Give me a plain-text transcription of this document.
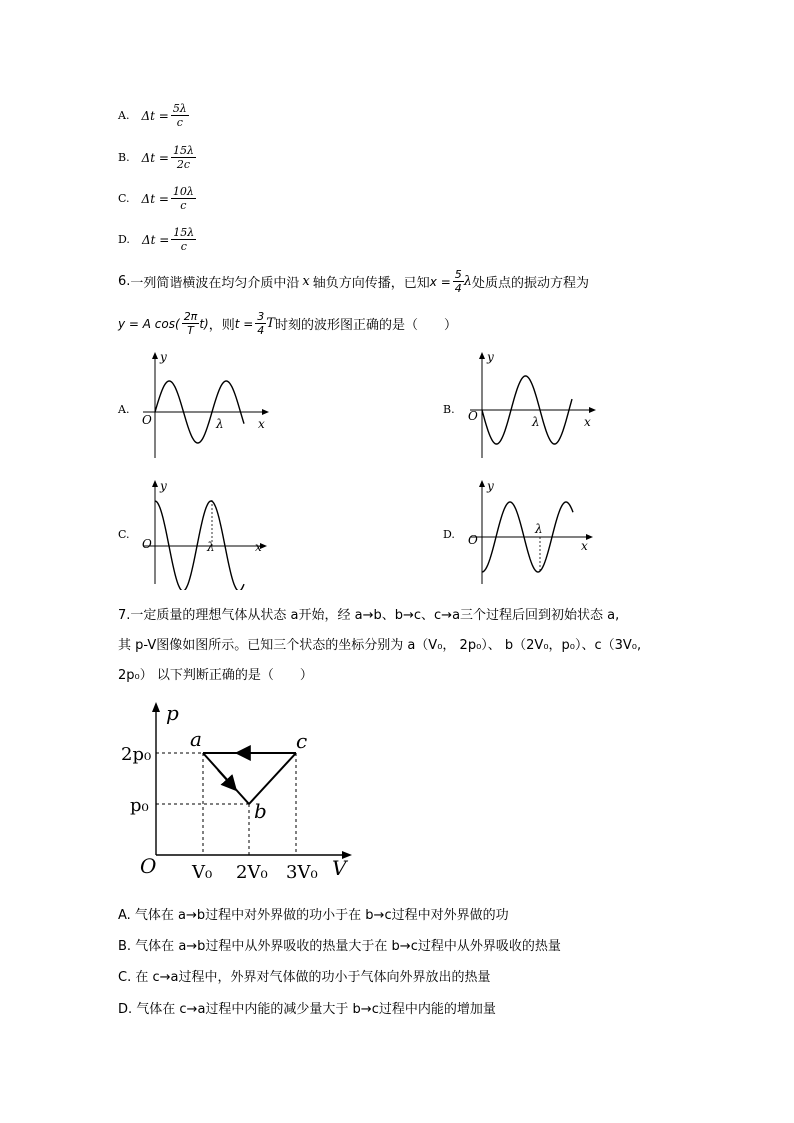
A. $\Delta t = \frac{5\lambda}{c}$
B. $\Delta t = \frac{15\lambda}{2c}$
C. $\Delta t = \frac{10\lambda}{c}$
D. $\Delta t = \frac{15\lambda}{c}$
6. 一列简谐横波在均匀介质中沿 x 轴负方向传播，已知 $x = \frac{5}{4}$ λ 处质点的振动方程为
y = A $\cos( \frac{2\pi}{T} t)$ ，则 $t = \frac{3}{4}$ T 时刻的波形图正确的是（　　）
A.
y
x
O	λ
B.
y
x
O	λ
C.
y
x
O	λ
D.
y
x
O
λ
7.一定质量的理想气体从状态 a开始，经 a→b、b→c、c→a三个过程后回到初始状态 a,
其 p-V图像如图所示。已知三个状态的坐标分别为 a（V₀， 2p₀）、 b（2V₀，p₀）、c（3V₀,
2p₀） 以下判断正确的是（　　）
p
V
O
2p₀
p₀
V₀ 2V₀ 3V₀
a
b
c
A. 气体在 a→b过程中对外界做的功小于在 b→c过程中对外界做的功
B. 气体在 a→b过程中从外界吸收的热量大于在 b→c过程中从外界吸收的热量
C. 在 c→a过程中，外界对气体做的功小于气体向外界放出的热量
D. 气体在 c→a过程中内能的减少量大于 b→c过程中内能的增加量
